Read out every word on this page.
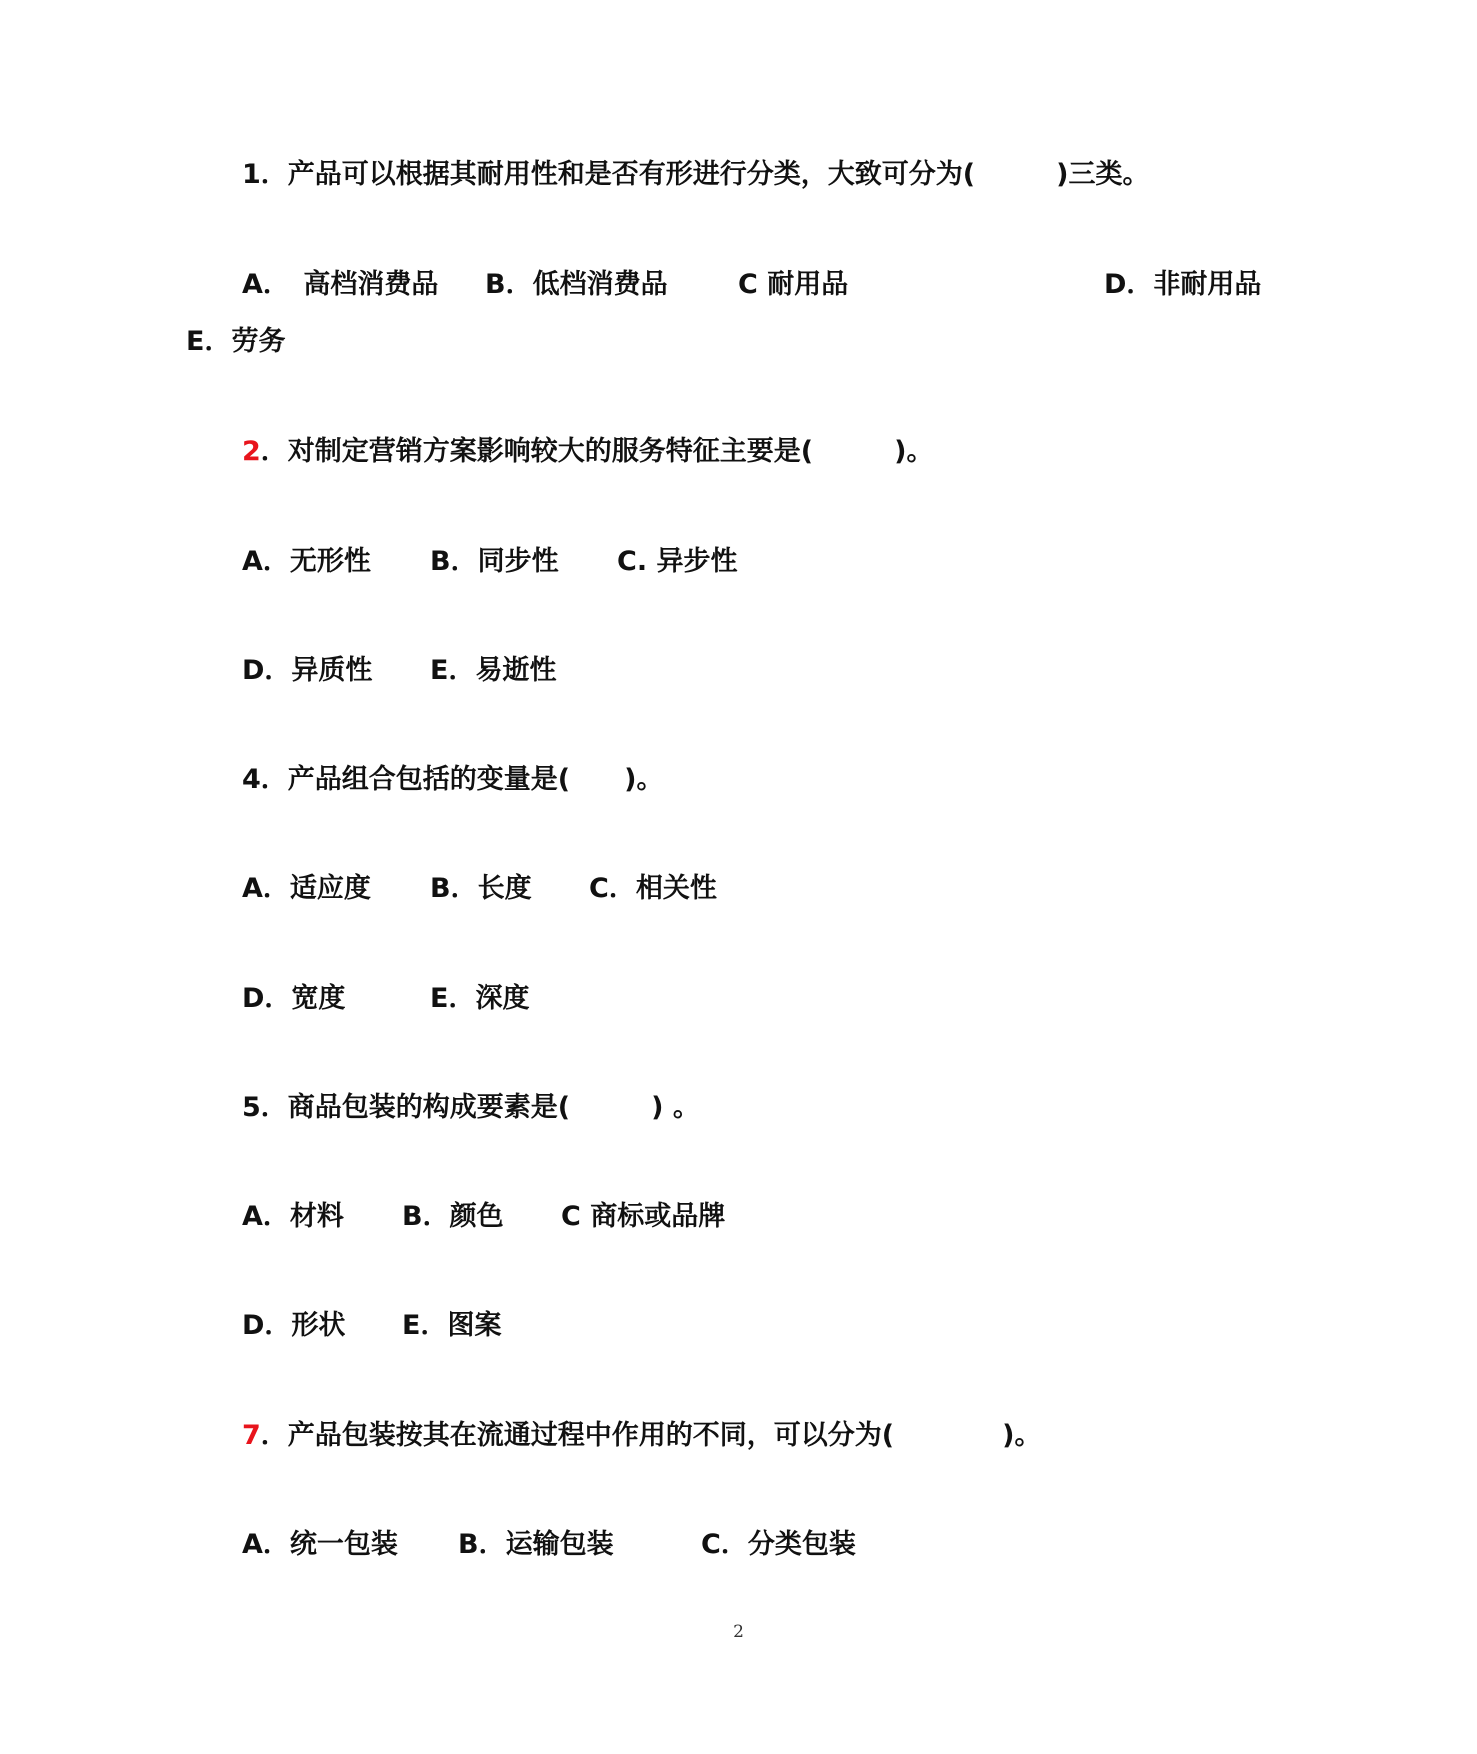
1．产品可以根据其耐用性和是否有形进行分类，大致可分为(　　　)三类。
A．　高档消费品 B．低档消费品	C 耐用品	D．非耐用品
E．劳务
2．对制定营销方案影响较大的服务特征主要是(　　　)。
A．无形性 B．同步性 C. 异步性
D．异质性 E．易逝性
4．产品组合包括的变量是(　　)。
A．适应度 B．长度 C．相关性
D．宽度	E．深度
5．商品包装的构成要素是(　　　) 。
A．材料 B．颜色 C 商标或品牌
D．形状 E．图案
7．产品包装按其在流通过程中作用的不同，可以分为(　　　　)。
A．统一包装 B．运输包装	C．分类包装
2
